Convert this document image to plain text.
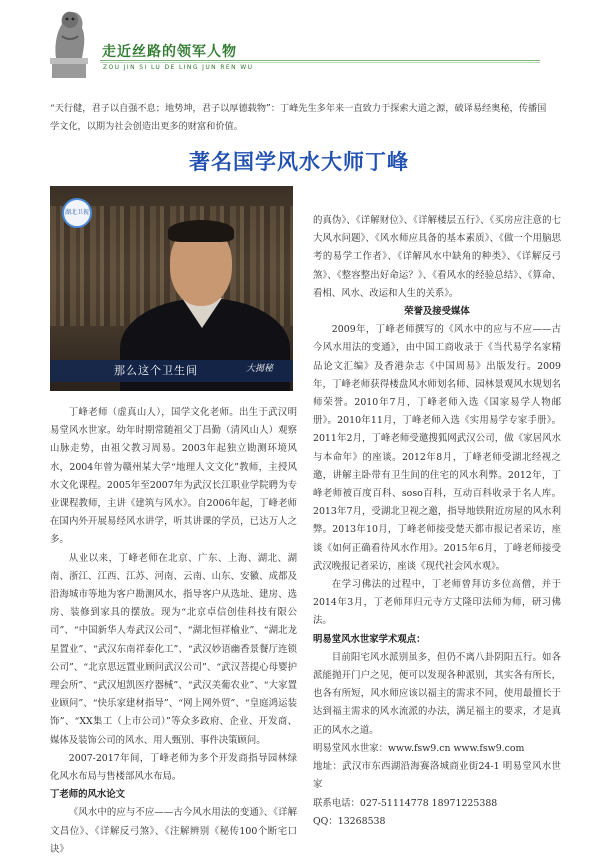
走近丝路的领军人物
ZOU JIN SI LU DE LING JUN REN WU
“天行健，君子以自强不息；地势坤，君子以厚德载物”：丁峰先生多年来一直致力于探索大道之源，破译易经奥秘，传播国学文化，以期为社会创造出更多的财富和价值。
著名国学风水大师丁峰
湖北卫视
那么这个卫生间	大揭秘

丁峰老师（虚真山人），国学文化老师。出生于武汉明易堂风水世家。幼年时期常随祖父丁昌勤（清风山人）观察山脉走势，由祖父教习周易。2003年起独立勘测环境风水，2004年曾为赣州某大学“地理人文文化”教师，主授风水文化课程。2005年至2007年为武汉长江职业学院聘为专业课程教师，主讲《建筑与风水》。自2006年起，丁峰老师在国内外开展易经风水讲学，听其讲课的学员，已达万人之多。

从业以来，丁峰老师在北京、广东、上海、湖北、湖南、浙江、江西、江苏、河南、云南、山东、安徽、成都及沿海城市等地为客户勘测风水，指导客户从选址、建房、选房、装修到家具的摆放。现为“北京卓信创佳科技有限公司”、“中国新华人寿武汉公司”、“湖北恒祥榆业”、“湖北龙星置业”、“武汉东南祥泰化工”、“武汉妙语幽香景餐厅连锁公司”、“北京思远置业顾问武汉公司”、“武汉菩提心母婴护理会所”、“武汉旭凯医疗器械”、“武汉美葡农业”、“大家置业顾问”、“快乐家建材指导”、“网上网外贸”、“皇庭鸿运装饰”、“XX集工（上市公司）”等众多政府、企业、开发商、媒体及装饰公司的风水、用人甄别、事件决策顾问。

2007-2017年间，丁峰老师为多个开发商指导园林绿化风水布局与售楼部风水布局。

丁老师的风水论文

《风水中的应与不应——古今风水用法的变通》、《详解文昌位》、《详解反弓煞》、《注解辨别《秘传100个断宅口诀》

的真伪》、《详解财位》、《详解楼层五行》、《买房应注意的七大风水问题》、《风水师应具备的基本素质》、《做一个用脑思考的易学工作者》、《详解风水中缺角的种类》、《详解反弓煞》、《整容整出好命运？》、《看风水的经验总结》、《算命、看相、风水、改运和人生的关系》。

荣誉及接受媒体

2009年，丁峰老师撰写的《风水中的应与不应——古今风水用法的变通》，由中国工商收录于《当代易学名家精品论文汇编》及香港杂志《中国周易》出版发行。2009年，丁峰老师获得楼盘风水师划名师、园林景观风水规划名师荣誉。2010年7月，丁峰老师入选《国家易学人物邮册》。2010年11月，丁峰老师入选《实用易学专家手册》。2011年2月，丁峰老师受邀搜狐网武汉公司，做《家居风水与本命年》的座谈。2012年8月，丁峰老师受湖北经视之邀，讲解主卧带有卫生间的住宅的风水利弊。2012年，丁峰老师被百度百科、soso百科，互动百科收录于名人库。2013年7月，受湖北卫视之邀，指导地铁附近房屋的风水利弊。2013年10月，丁峰老师接受楚天都市报记者采访，座谈《如何正确看待风水作用》。2015年6月，丁峰老师接受武汉晚报记者采访，座谈《现代社会风水观》。

在学习佛法的过程中，丁老师曾拜访多位高僧，并于2014年3月，丁老师拜归元寺方丈隆印法师为师，研习佛法。

明易堂风水世家学术观点：

目前阳宅风水派别虽多，但仍不离八卦阴阳五行。如各派能抛开门户之见，便可以发现各种派别，其实各有所长，也各有所短，风水师应该以福主的需求不同，使用最擅长于达到福主需求的风水流派的办法，满足福主的要求，才是真正的风水之道。

明易堂风水世家：www.fsw9.cn www.fsw9.com

地址：武汉市东西湖沿海赛洛城商业街24-1 明易堂风水世家

联系电话：027-51114778 18971225388

QQ：13268538
